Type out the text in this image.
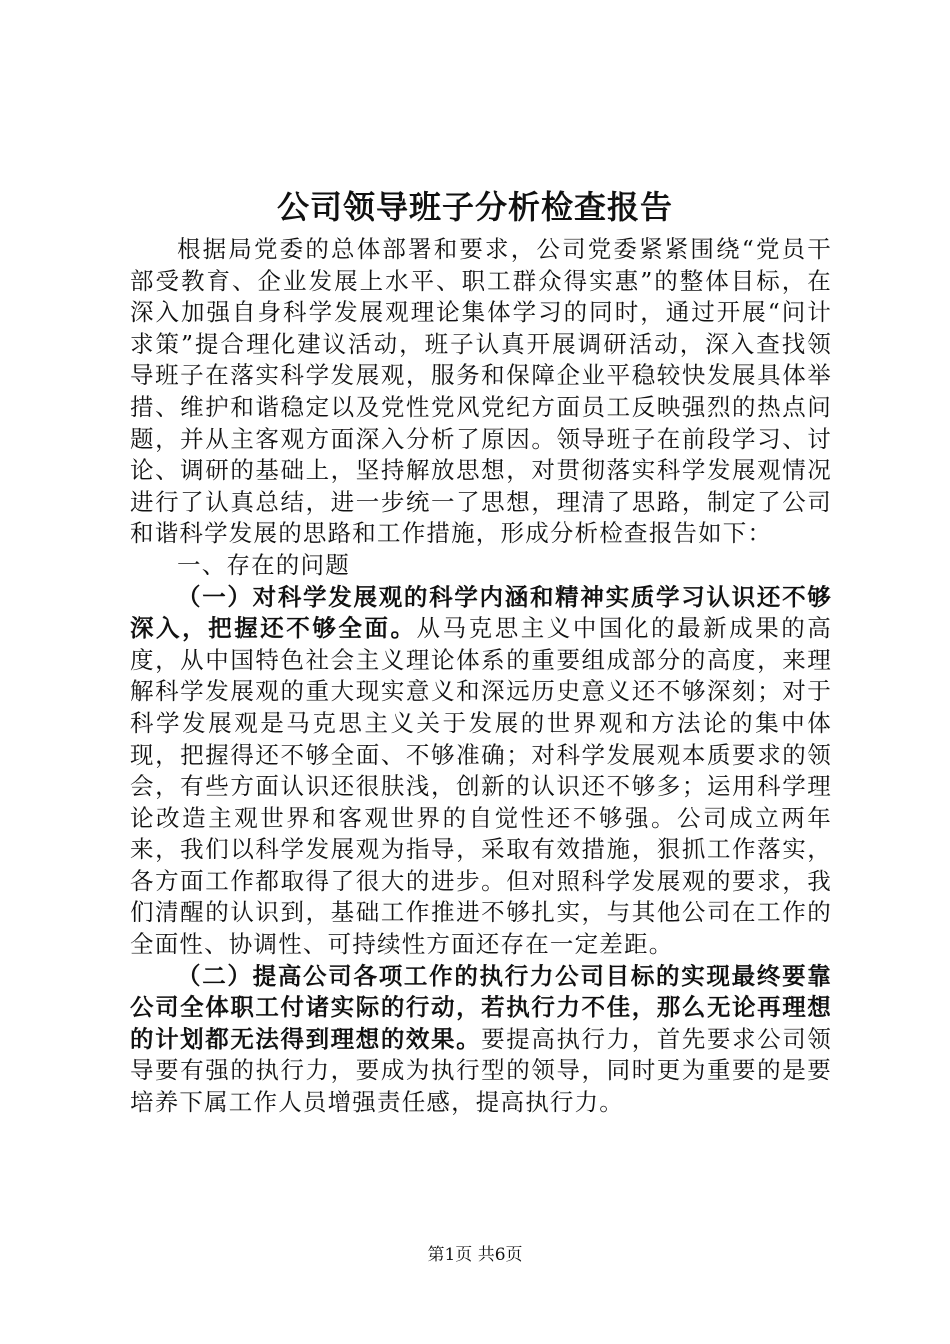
公司领导班子分析检查报告

根据局党委的总体部署和要求，公司党委紧紧围绕“党员干部受教育、企业发展上水平、职工群众得实惠”的整体目标，在深入加强自身科学发展观理论集体学习的同时，通过开展“问计求策”提合理化建议活动，班子认真开展调研活动，深入查找领导班子在落实科学发展观，服务和保障企业平稳较快发展具体举措、维护和谐稳定以及党性党风党纪方面员工反映强烈的热点问题，并从主客观方面深入分析了原因。领导班子在前段学习、讨论、调研的基础上，坚持解放思想，对贯彻落实科学发展观情况进行了认真总结，进一步统一了思想，理清了思路，制定了公司和谐科学发展的思路和工作措施，形成分析检查报告如下：

一、存在的问题

（一）对科学发展观的科学内涵和精神实质学习认识还不够深入，把握还不够全面。从马克思主义中国化的最新成果的高度，从中国特色社会主义理论体系的重要组成部分的高度，来理解科学发展观的重大现实意义和深远历史意义还不够深刻；对于科学发展观是马克思主义关于发展的世界观和方法论的集中体现，把握得还不够全面、不够准确；对科学发展观本质要求的领会，有些方面认识还很肤浅，创新的认识还不够多；运用科学理论改造主观世界和客观世界的自觉性还不够强。公司成立两年来，我们以科学发展观为指导，采取有效措施，狠抓工作落实，各方面工作都取得了很大的进步。但对照科学发展观的要求，我们清醒的认识到，基础工作推进不够扎实，与其他公司在工作的全面性、协调性、可持续性方面还存在一定差距。

（二）提高公司各项工作的执行力公司目标的实现最终要靠公司全体职工付诸实际的行动，若执行力不佳，那么无论再理想的计划都无法得到理想的效果。要提高执行力，首先要求公司领导要有强的执行力，要成为执行型的领导，同时更为重要的是要培养下属工作人员增强责任感，提高执行力。

第1页 共6页
